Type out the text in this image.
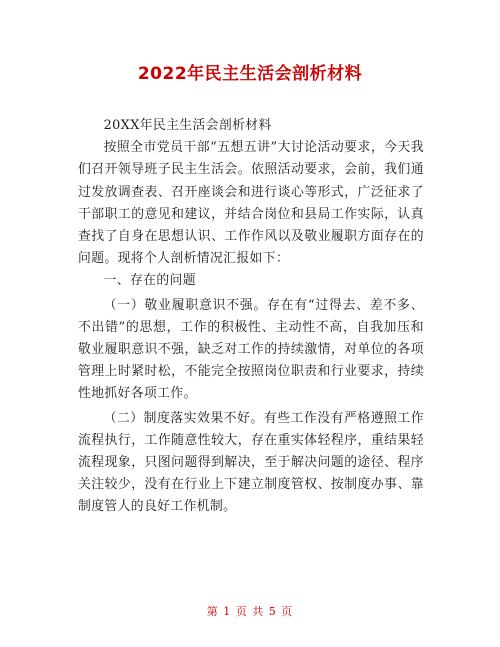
2022年民主生活会剖析材料

20XX年民主生活会剖析材料

按照全市党员干部“五想五讲”大讨论活动要求，今天我们召开领导班子民主生活会。依照活动要求，会前，我们通过发放调查表、召开座谈会和进行谈心等形式，广泛征求了干部职工的意见和建议，并结合岗位和县局工作实际，认真查找了自身在思想认识、工作作风以及敬业履职方面存在的问题。现将个人剖析情况汇报如下：

一、存在的问题

（一）敬业履职意识不强。存在有“过得去、差不多、不出错”的思想，工作的积极性、主动性不高，自我加压和敬业履职意识不强，缺乏对工作的持续激情，对单位的各项管理上时紧时松，不能完全按照岗位职责和行业要求，持续性地抓好各项工作。

（二）制度落实效果不好。有些工作没有严格遵照工作流程执行，工作随意性较大，存在重实体轻程序，重结果轻流程现象，只图问题得到解决，至于解决问题的途径、程序关注较少，没有在行业上下建立制度管权、按制度办事、靠制度管人的良好工作机制。

第 1 页 共 5 页
